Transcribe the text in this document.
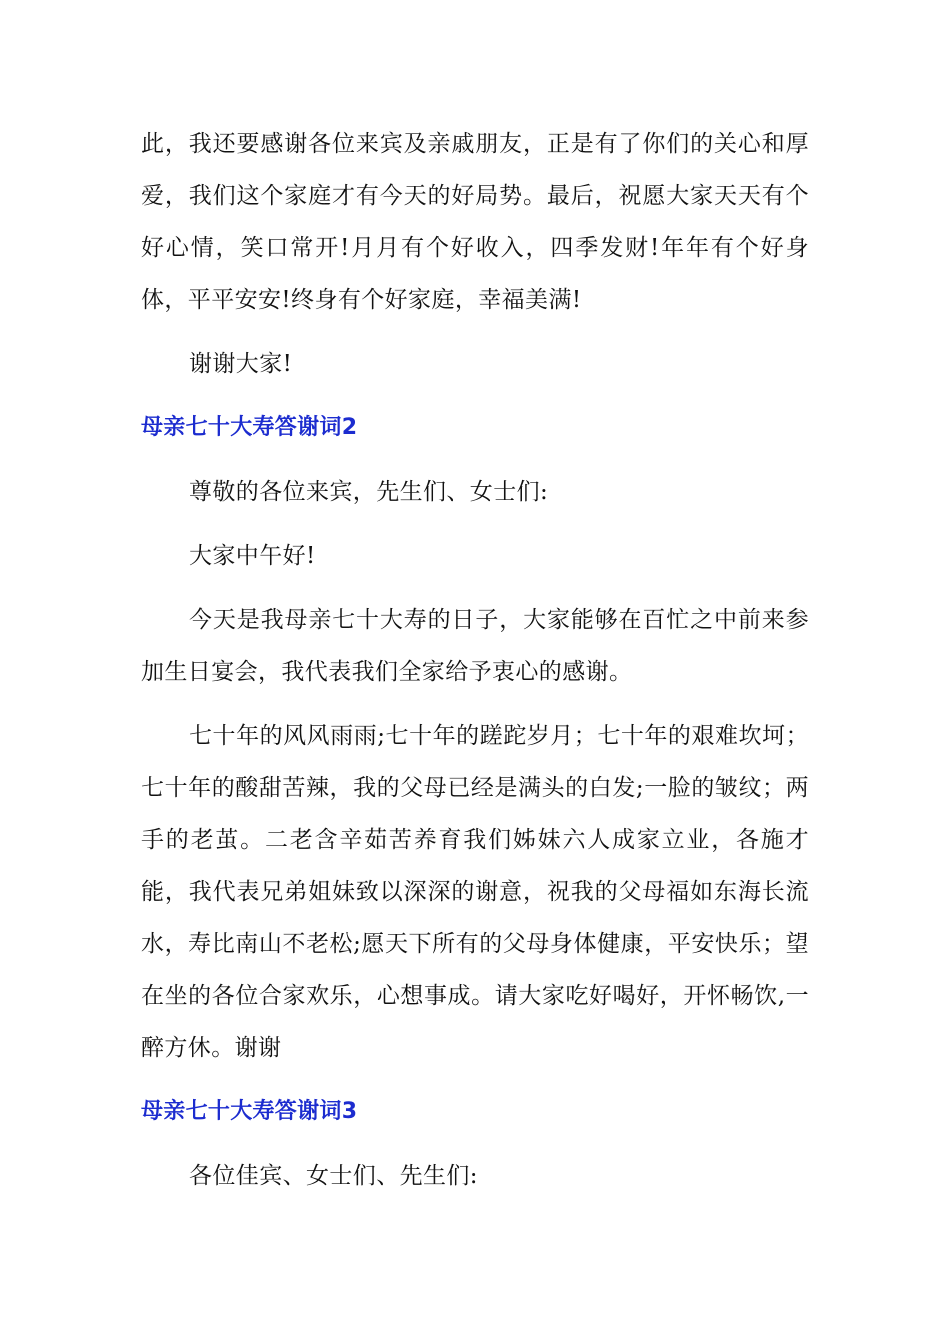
此，我还要感谢各位来宾及亲戚朋友，正是有了你们的关心和厚爱，我们这个家庭才有今天的好局势。最后，祝愿大家天天有个好心情，笑口常开!月月有个好收入，四季发财!年年有个好身体，平平安安!终身有个好家庭，幸福美满!

谢谢大家!

母亲七十大寿答谢词2

尊敬的各位来宾，先生们、女士们:

大家中午好!

今天是我母亲七十大寿的日子，大家能够在百忙之中前来参加生日宴会，我代表我们全家给予衷心的感谢。

七十年的风风雨雨;七十年的蹉跎岁月；七十年的艰难坎坷；七十年的酸甜苦辣，我的父母已经是满头的白发;一脸的皱纹；两手的老茧。二老含辛茹苦养育我们姊妹六人成家立业，各施才能，我代表兄弟姐妹致以深深的谢意，祝我的父母福如东海长流水，寿比南山不老松;愿天下所有的父母身体健康，平安快乐；望在坐的各位合家欢乐，心想事成。请大家吃好喝好，开怀畅饮,一醉方休。谢谢

母亲七十大寿答谢词3

各位佳宾、女士们、先生们:
